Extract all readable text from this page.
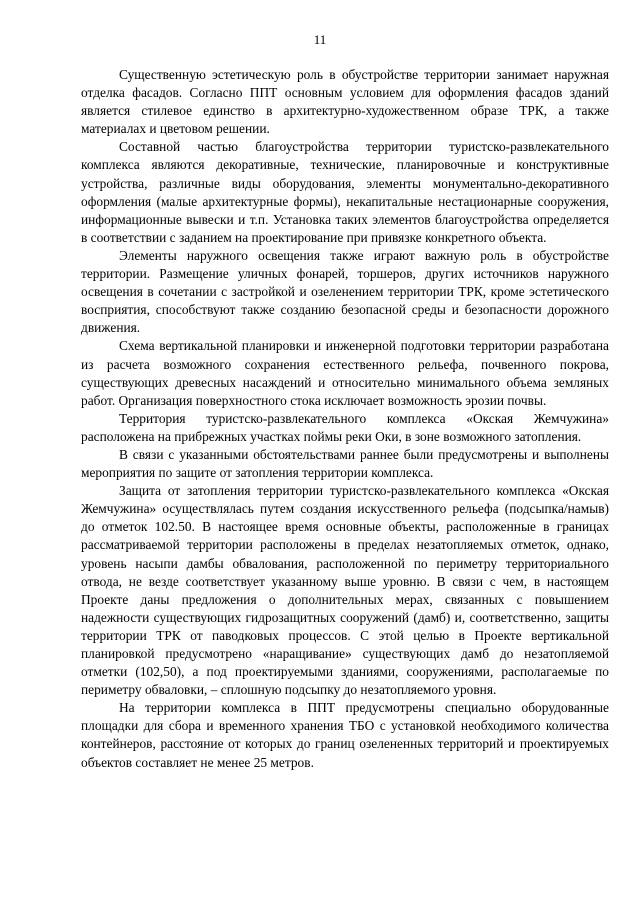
11

Существенную эстетическую роль в обустройстве территории занимает наружная отделка фасадов. Согласно ППТ основным условием для оформления фасадов зданий является стилевое единство в архитектурно-художественном образе ТРК, а также материалах и цветовом решении.

Составной частью благоустройства территории туристско-развлекательного комплекса являются декоративные, технические, планировочные и конструктивные устройства, различные виды оборудования, элементы монументально-декоративного оформления (малые архитектурные формы), некапитальные нестационарные сооружения, информационные вывески и т.п. Установка таких элементов благоустройства определяется в соответствии с заданием на проектирование при привязке конкретного объекта.

Элементы наружного освещения также играют важную роль в обустройстве территории. Размещение уличных фонарей, торшеров, других источников наружного освещения в сочетании с застройкой и озеленением территории ТРК, кроме эстетического восприятия, способствуют также созданию безопасной среды и безопасности дорожного движения.

Схема вертикальной планировки и инженерной подготовки территории разработана из расчета возможного сохранения естественного рельефа, почвенного покрова, существующих древесных насаждений и относительно минимального объема земляных работ. Организация поверхностного стока исключает возможность эрозии почвы.

Территория туристско-развлекательного комплекса «Окская Жемчужина» расположена на прибрежных участках поймы реки Оки, в зоне возможного затопления.

В связи с указанными обстоятельствами раннее были предусмотрены и выполнены мероприятия по защите от затопления территории комплекса.

Защита от затопления территории туристско-развлекательного комплекса «Окская Жемчужина» осуществлялась путем создания искусственного рельефа (подсыпка/намыв) до отметок 102.50. В настоящее время основные объекты, расположенные в границах рассматриваемой территории расположены в пределах незатопляемых отметок, однако, уровень насыпи дамбы обвалования, расположенной по периметру территориального отвода, не везде соответствует указанному выше уровню. В связи с чем, в настоящем Проекте даны предложения о дополнительных мерах, связанных с повышением надежности существующих гидрозащитных сооружений (дамб) и, соответственно, защиты территории ТРК от паводковых процессов. С этой целью в Проекте вертикальной планировкой предусмотрено «наращивание» существующих дамб до незатопляемой отметки (102,50), а под проектируемыми зданиями, сооружениями, располагаемые по периметру обваловки, – сплошную подсыпку до незатопляемого уровня.

На территории комплекса в ППТ предусмотрены специально оборудованные площадки для сбора и временного хранения ТБО с установкой необходимого количества контейнеров, расстояние от которых до границ озелененных территорий и проектируемых объектов составляет не менее 25 метров.
